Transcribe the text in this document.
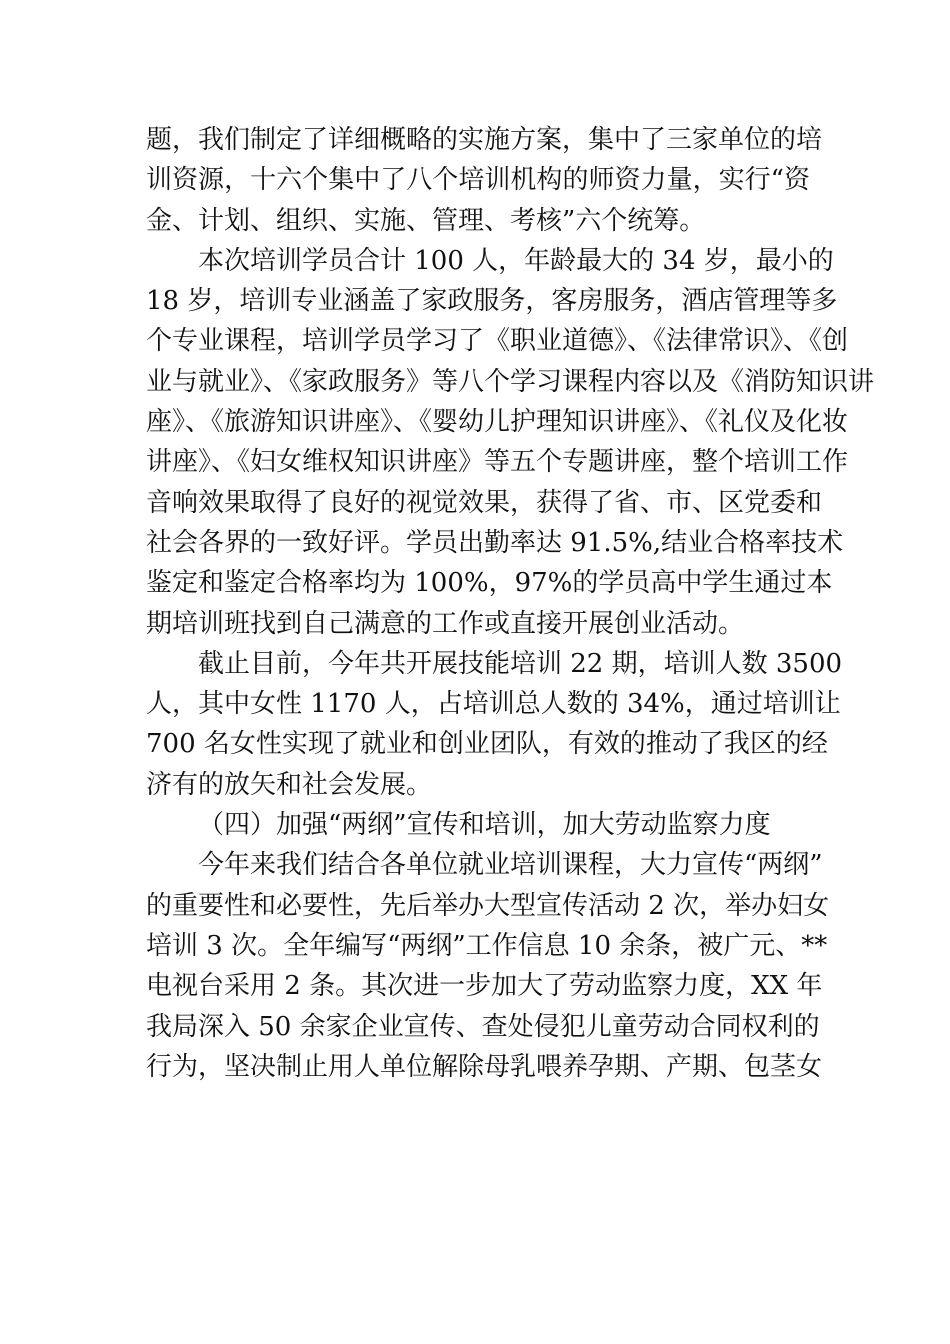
题，我们制定了详细概略的实施方案，集中了三家单位的培
训资源，十六个集中了八个培训机构的师资力量，实行“资
金、计划、组织、实施、管理、考核”六个统筹。
本次培训学员合计 100 人，年龄最大的 34 岁，最小的
18 岁，培训专业涵盖了家政服务，客房服务，酒店管理等多
个专业课程，培训学员学习了《职业道德》、《法律常识》、《创
业与就业》、《家政服务》等八个学习课程内容以及《消防知识讲
座》、《旅游知识讲座》、《婴幼儿护理知识讲座》、《礼仪及化妆
讲座》、《妇女维权知识讲座》等五个专题讲座，整个培训工作
音响效果取得了良好的视觉效果，获得了省、市、区党委和
社会各界的一致好评。学员出勤率达 91.5%,结业合格率技术
鉴定和鉴定合格率均为 100%，97%的学员高中学生通过本
期培训班找到自己满意的工作或直接开展创业活动。
截止目前，今年共开展技能培训 22 期，培训人数 3500
人，其中女性 1170 人，占培训总人数的 34%，通过培训让
700 名女性实现了就业和创业团队，有效的推动了我区的经
济有的放矢和社会发展。
（四）加强“两纲”宣传和培训，加大劳动监察力度
今年来我们结合各单位就业培训课程，大力宣传“两纲”
的重要性和必要性，先后举办大型宣传活动 2 次，举办妇女
培训 3 次。全年编写“两纲”工作信息 10 余条，被广元、**
电视台采用 2 条。其次进一步加大了劳动监察力度，XX 年
我局深入 50 余家企业宣传、查处侵犯儿童劳动合同权利的
行为，坚决制止用人单位解除母乳喂养孕期、产期、包茎女
